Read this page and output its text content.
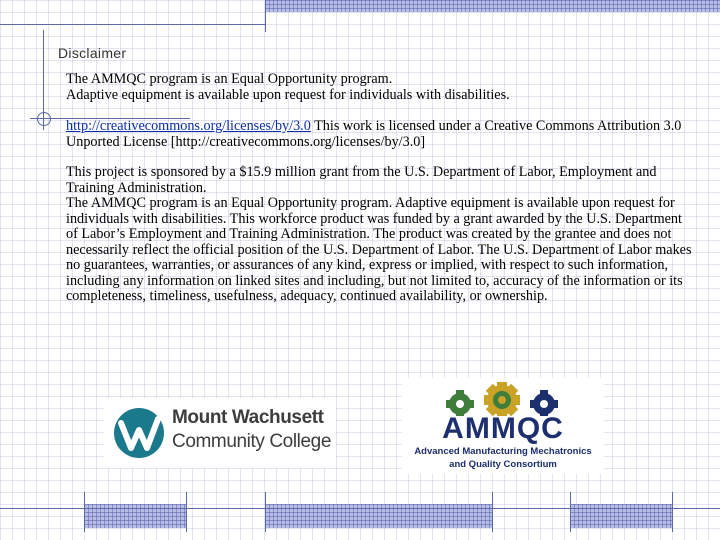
Disclaimer

The AMMQC program is an Equal Opportunity program.
Adaptive equipment is available upon request for individuals with disabilities.

http://creativecommons.org/licenses/by/3.0 This work is licensed under a Creative Commons Attribution 3.0 Unported License [http://creativecommons.org/licenses/by/3.0]

This project is sponsored by a $15.9 million grant from the U.S. Department of Labor, Employment and Training Administration.
The AMMQC program is an Equal Opportunity program. Adaptive equipment is available upon request for individuals with disabilities. This workforce product was funded by a grant awarded by the U.S. Department of Labor’s Employment and Training Administration. The product was created by the grantee and does not necessarily reflect the official position of the U.S. Department of Labor. The U.S. Department of Labor makes no guarantees, warranties, or assurances of any kind, express or implied, with respect to such information, including any information on linked sites and including, but not limited to, accuracy of the information or its completeness, timeliness, usefulness, adequacy, continued availability, or ownership.

Mount Wachusett
Community College	AMMQC
Advanced Manufacturing Mechatronics
and Quality Consortium
